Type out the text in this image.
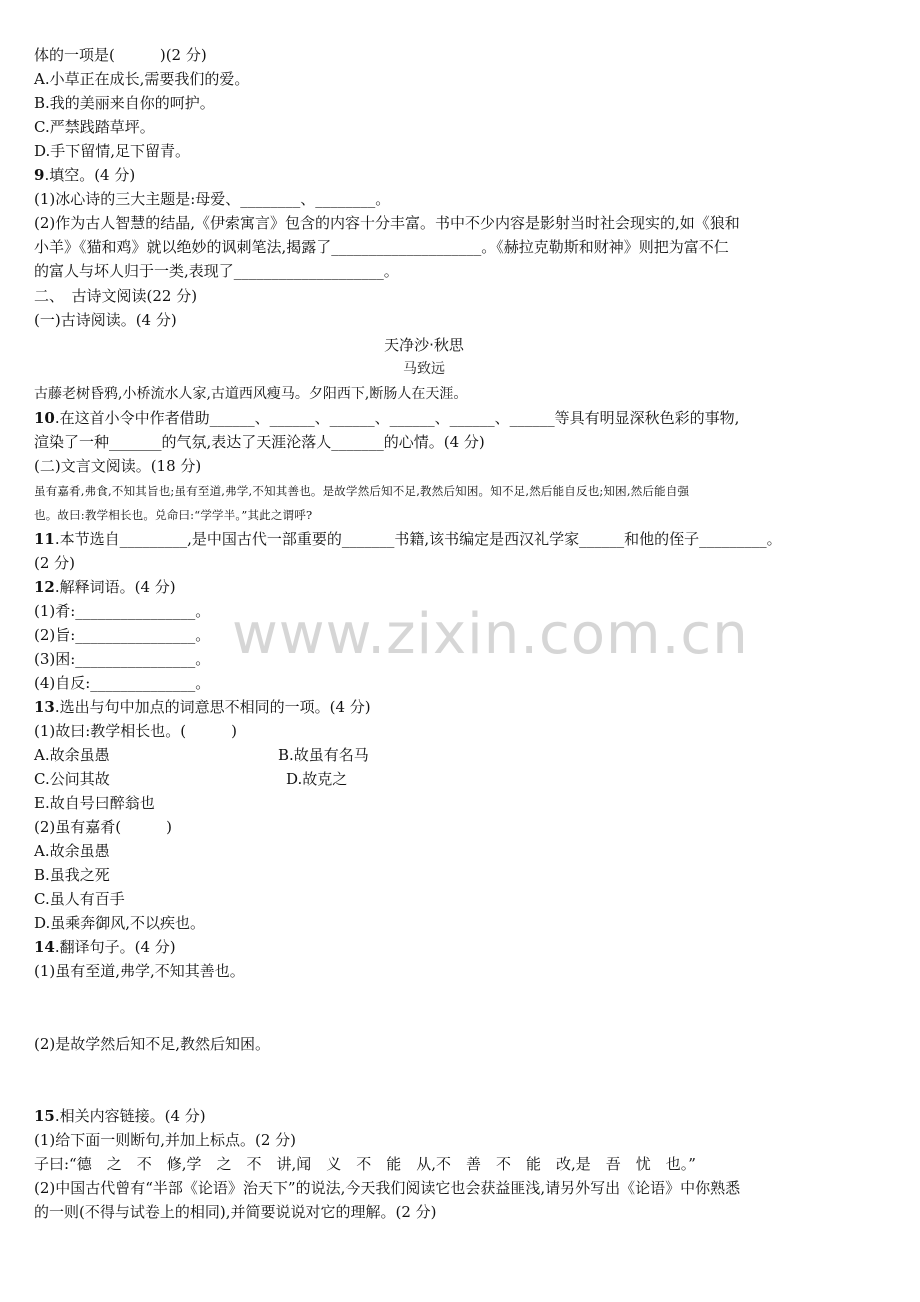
体的一项是(　　　)(2 分)
A.小草正在成长,需要我们的爱。
B.我的美丽来自你的呵护。
C.严禁践踏草坪。
D.手下留情,足下留青。
9.填空。(4 分)
(1)冰心诗的三大主题是:母爱、________、________。
(2)作为古人智慧的结晶,《伊索寓言》包含的内容十分丰富。书中不少内容是影射当时社会现实的,如《狼和
小羊》《猫和鸡》就以绝妙的讽刺笔法,揭露了____________________。《赫拉克勒斯和财神》则把为富不仁
的富人与坏人归于一类,表现了____________________。
二、　古诗文阅读(22 分)
(一)古诗阅读。(4 分)
天净沙·秋思
马致远
古藤老树昏鸦,小桥流水人家,古道西风瘦马。夕阳西下,断肠人在天涯。
10.在这首小令中作者借助______、______、______、______、______、______等具有明显深秋色彩的事物,
渲染了一种_______的气氛,表达了天涯沦落人_______的心情。(4 分)
(二)文言文阅读。(18 分)
虽有嘉肴,弗食,不知其旨也;虽有至道,弗学,不知其善也。是故学然后知不足,教然后知困。知不足,然后能自反也;知困,然后能自强
也。故曰:教学相长也。兑命曰:“学学半。”其此之谓呼?
11.本节选自_________,是中国古代一部重要的_______书籍,该书编定是西汉礼学家______和他的侄子_________。
(2 分)
12.解释词语。(4 分)
(1)肴:________________。
(2)旨:________________。
(3)困:________________。
(4)自反:______________。
13.选出与句中加点的词意思不相同的一项。(4 分)
(1)故曰:教学相长也。(　　　)
A.故余虽愚	B.故虽有名马
C.公问其故	D.故克之
E.故自号曰醉翁也
(2)虽有嘉肴(　　　)
A.故余虽愚
B.虽我之死
C.虽人有百手
D.虽乘奔御风,不以疾也。
14.翻译句子。(4 分)
(1)虽有至道,弗学,不知其善也。
(2)是故学然后知不足,教然后知困。
15.相关内容链接。(4 分)
(1)给下面一则断句,并加上标点。(2 分)
子曰:“德　之　不　修,学　之　不　讲,闻　义　不　能　从,不　善　不　能　改,是　吾　忧　也。”
(2)中国古代曾有“半部《论语》治天下”的说法,今天我们阅读它也会获益匪浅,请另外写出《论语》中你熟悉
的一则(不得与试卷上的相同),并简要说说对它的理解。(2 分)
www.zixin.com.cn
